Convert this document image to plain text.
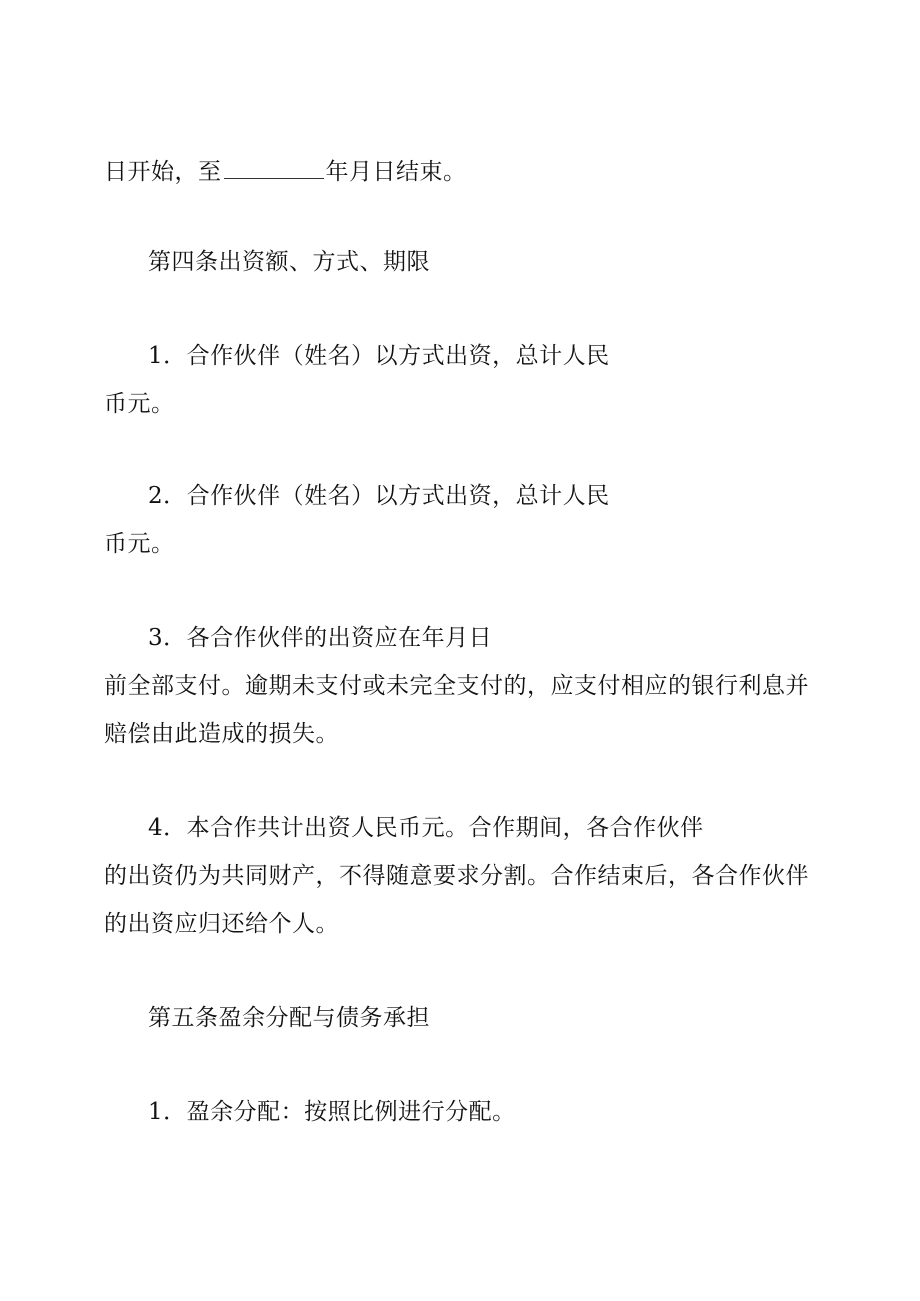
日开始，至	年月日结束。
第四条出资额、方式、期限
1．合作伙伴（姓名）以方式出资，总计人民
币元。
2．合作伙伴（姓名）以方式出资，总计人民
币元。
3．各合作伙伴的出资应在年月日
前全部支付。逾期未支付或未完全支付的，应支付相应的银行利息并
赔偿由此造成的损失。
4．本合作共计出资人民币元。合作期间，各合作伙伴
的出资仍为共同财产，不得随意要求分割。合作结束后，各合作伙伴
的出资应归还给个人。
第五条盈余分配与债务承担
1．盈余分配：按照比例进行分配。
